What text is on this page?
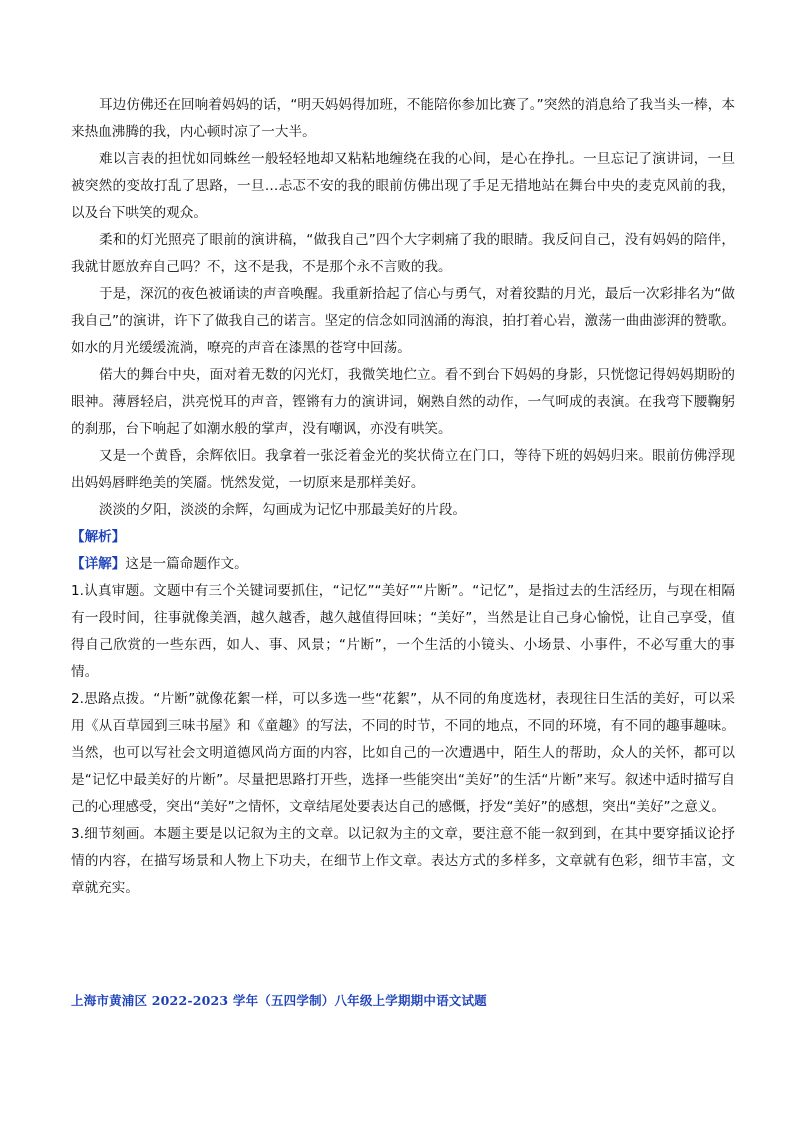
耳边仿佛还在回响着妈妈的话，“明天妈妈得加班，不能陪你参加比赛了。”突然的消息给了我当头一棒，本来热血沸腾的我，内心顿时凉了一大半。

难以言表的担忧如同蛛丝一般轻轻地却又粘粘地缠绕在我的心间，是心在挣扎。一旦忘记了演讲词，一旦被突然的变故打乱了思路，一旦…忐忑不安的我的眼前仿佛出现了手足无措地站在舞台中央的麦克风前的我，以及台下哄笑的观众。

柔和的灯光照亮了眼前的演讲稿，“做我自己”四个大字刺痛了我的眼睛。我反问自己，没有妈妈的陪伴，我就甘愿放弃自己吗？不，这不是我，不是那个永不言败的我。

于是，深沉的夜色被诵读的声音唤醒。我重新拾起了信心与勇气，对着狡黠的月光，最后一次彩排名为“做我自己”的演讲，许下了做我自己的诺言。坚定的信念如同汹涌的海浪，拍打着心岩，激荡一曲曲澎湃的赞歌。如水的月光缓缓流淌，嘹亮的声音在漆黑的苍穹中回荡。

偌大的舞台中央，面对着无数的闪光灯，我微笑地伫立。看不到台下妈妈的身影，只恍惚记得妈妈期盼的眼神。薄唇轻启，洪亮悦耳的声音，铿锵有力的演讲词，娴熟自然的动作，一气呵成的表演。在我弯下腰鞠躬的刹那，台下响起了如潮水般的掌声，没有嘲讽，亦没有哄笑。

又是一个黄昏，余辉依旧。我拿着一张泛着金光的奖状倚立在门口，等待下班的妈妈归来。眼前仿佛浮现出妈妈唇畔绝美的笑靥。恍然发觉，一切原来是那样美好。

淡淡的夕阳，淡淡的余辉，勾画成为记忆中那最美好的片段。

【解析】

【详解】这是一篇命题作文。

1.认真审题。文题中有三个关键词要抓住，“记忆”“美好”“片断”。“记忆”，是指过去的生活经历，与现在相隔有一段时间，往事就像美酒，越久越香，越久越值得回味；“美好”，当然是让自己身心愉悦，让自己享受，值得自己欣赏的一些东西，如人、事、风景；“片断”，一个生活的小镜头、小场景、小事件，不必写重大的事情。

2.思路点拨。“片断”就像花絮一样，可以多选一些“花絮”，从不同的角度选材，表现往日生活的美好，可以采用《从百草园到三味书屋》和《童趣》的写法，不同的时节，不同的地点，不同的环境，有不同的趣事趣味。当然，也可以写社会文明道德风尚方面的内容，比如自己的一次遭遇中，陌生人的帮助，众人的关怀，都可以是“记忆中最美好的片断”。尽量把思路打开些，选择一些能突出“美好”的生活“片断”来写。叙述中适时描写自己的心理感受，突出“美好”之情怀，文章结尾处要表达自己的感慨，抒发“美好”的感想，突出“美好”之意义。

3.细节刻画。本题主要是以记叙为主的文章。以记叙为主的文章，要注意不能一叙到到，在其中要穿插议论抒情的内容，在描写场景和人物上下功夫，在细节上作文章。表达方式的多样多，文章就有色彩，细节丰富，文章就充实。

上海市黄浦区 2022-2023 学年（五四学制）八年级上学期期中语文试题
